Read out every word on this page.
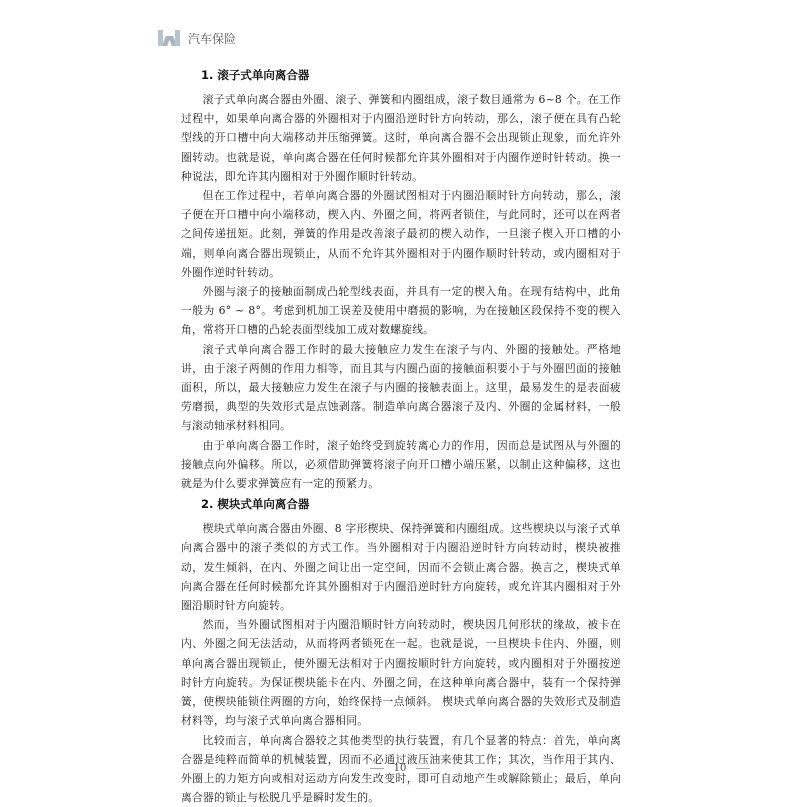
汽车保险
1. 滚子式单向离合器

滚子式单向离合器由外圈、滚子、弹簧和内圈组成，滚子数目通常为 6~8 个。在工作过程中，如果单向离合器的外圈相对于内圈沿逆时针方向转动，那么，滚子便在具有凸轮型线的开口槽中向大端移动并压缩弹簧。这时，单向离合器不会出现锁止现象，而允许外圈转动。也就是说，单向离合器在任何时候都允许其外圈相对于内圈作逆时针转动。换一种说法，即允许其内圈相对于外圈作顺时针转动。

但在工作过程中，若单向离合器的外圈试图相对于内圈沿顺时针方向转动，那么，滚子便在开口槽中向小端移动，楔入内、外圈之间，将两者锁住，与此同时，还可以在两者之间传递扭矩。此刻，弹簧的作用是改善滚子最初的楔入动作，一旦滚子楔入开口槽的小端，则单向离合器出现锁止，从而不允许其外圈相对于内圈作顺时针转动，或内圈相对于外圈作逆时针转动。

外圈与滚子的接触面制成凸轮型线表面，并具有一定的楔入角。在现有结构中，此角一般为 6° ~ 8°。考虑到机加工误差及使用中磨损的影响，为在接触区段保持不变的楔入角，常将开口槽的凸轮表面型线加工成对数螺旋线。

滚子式单向离合器工作时的最大接触应力发生在滚子与内、外圈的接触处。严格地讲，由于滚子两侧的作用力相等，而且其与内圈凸面的接触面积要小于与外圈凹面的接触面积，所以，最大接触应力发生在滚子与内圈的接触表面上。这里，最易发生的是表面疲劳磨损，典型的失效形式是点蚀剥落。制造单向离合器滚子及内、外圈的金属材料，一般与滚动轴承材料相同。

由于单向离合器工作时，滚子始终受到旋转离心力的作用，因而总是试图从与外圈的接触点向外偏移。所以，必须借助弹簧将滚子向开口槽小端压紧，以制止这种偏移，这也就是为什么要求弹簧应有一定的预紧力。

2. 楔块式单向离合器

楔块式单向离合器由外圈、8 字形楔块、保持弹簧和内圈组成。这些楔块以与滚子式单向离合器中的滚子类似的方式工作。当外圈相对于内圈沿逆时针方向转动时，楔块被推动，发生倾斜，在内、外圈之间让出一定空间，因而不会锁止离合器。换言之，楔块式单向离合器在任何时候都允许其外圈相对于内圈沿逆时针方向旋转，或允许其内圈相对于外圈沿顺时针方向旋转。

然而，当外圈试图相对于内圈沿顺时针方向转动时，楔块因几何形状的缘故，被卡在内、外圈之间无法活动，从而将两者锁死在一起。也就是说，一旦楔块卡住内、外圈，则单向离合器出现锁止，使外圈无法相对于内圈按顺时针方向旋转，或内圈相对于外圈按逆时针方向旋转。为保证楔块能卡在内、外圈之间，在这种单向离合器中，装有一个保持弹簧，使楔块能锁住两圈的方向，始终保持一点倾斜。 楔块式单向离合器的失效形式及制造材料等，均与滚子式单向离合器相同。

比较而言，单向离合器较之其他类型的执行装置，有几个显著的特点：首先，单向离合器是纯粹而简单的机械装置，因而不必通过液压油来使其工作；其次，当作用于其内、外圈上的力矩方向或相对运动方向发生改变时，即可自动地产生或解除锁止；最后，单向离合器的锁止与松脱几乎是瞬时发生的。

10
